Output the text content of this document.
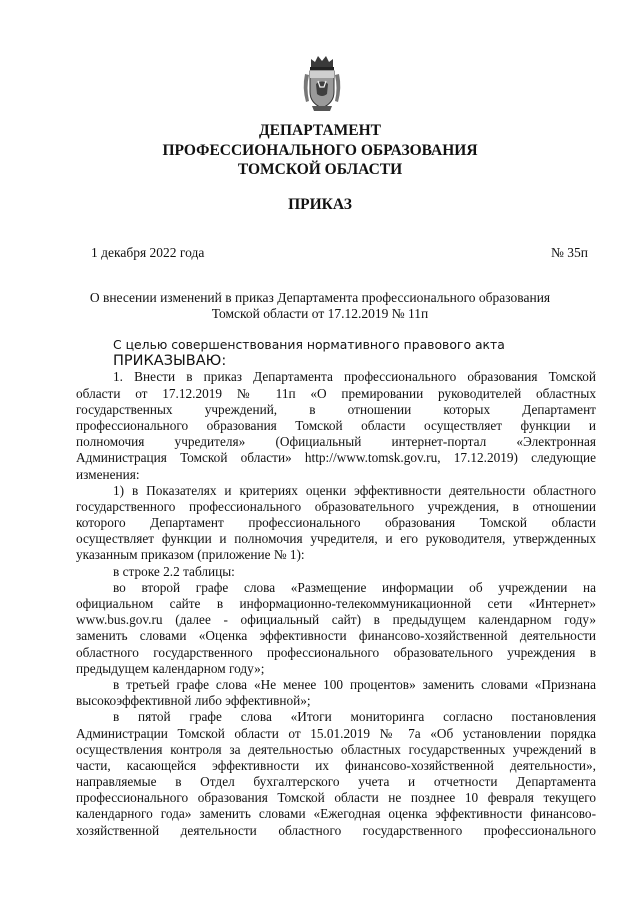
ДЕПАРТАМЕНТ
ПРОФЕССИОНАЛЬНОГО ОБРАЗОВАНИЯ
ТОМСКОЙ ОБЛАСТИ
ПРИКАЗ
1 декабря 2022 года	№ 35п
О внесении изменений в приказ Департамента профессионального образования
Томской области от 17.12.2019 № 11п
С целью совершенствования нормативного правового акта
ПРИКАЗЫВАЮ:
1. Внести в приказ Департамента профессионального образования Томской
области от 17.12.2019 № 11п «О премировании руководителей областных
государственных учреждений, в отношении которых Департамент
профессионального образования Томской области осуществляет функции и
полномочия учредителя» (Официальный интернет-портал «Электронная
Администрация Томской области» http://www.tomsk.gov.ru, 17.12.2019) следующие
изменения:
1) в Показателях и критериях оценки эффективности деятельности областного
государственного профессионального образовательного учреждения, в отношении
которого Департамент профессионального образования Томской области
осуществляет функции и полномочия учредителя, и его руководителя, утвержденных
указанным приказом (приложение № 1):
в строке 2.2 таблицы:
во второй графе слова «Размещение информации об учреждении на
официальном сайте в информационно-телекоммуникационной сети «Интернет»
www.bus.gov.ru (далее - официальный сайт) в предыдущем календарном году»
заменить словами «Оценка эффективности финансово-хозяйственной деятельности
областного государственного профессионального образовательного учреждения в
предыдущем календарном году»;
в третьей графе слова «Не менее 100 процентов» заменить словами «Признана
высокоэффективной либо эффективной»;
в пятой графе слова «Итоги мониторинга согласно постановления
Администрации Томской области от 15.01.2019 № 7а «Об установлении порядка
осуществления контроля за деятельностью областных государственных учреждений в
части, касающейся эффективности их финансово-хозяйственной деятельности»,
направляемые в Отдел бухгалтерского учета и отчетности Департамента
профессионального образования Томской области не позднее 10 февраля текущего
календарного года» заменить словами «Ежегодная оценка эффективности финансово-
хозяйственной деятельности областного государственного профессионального
